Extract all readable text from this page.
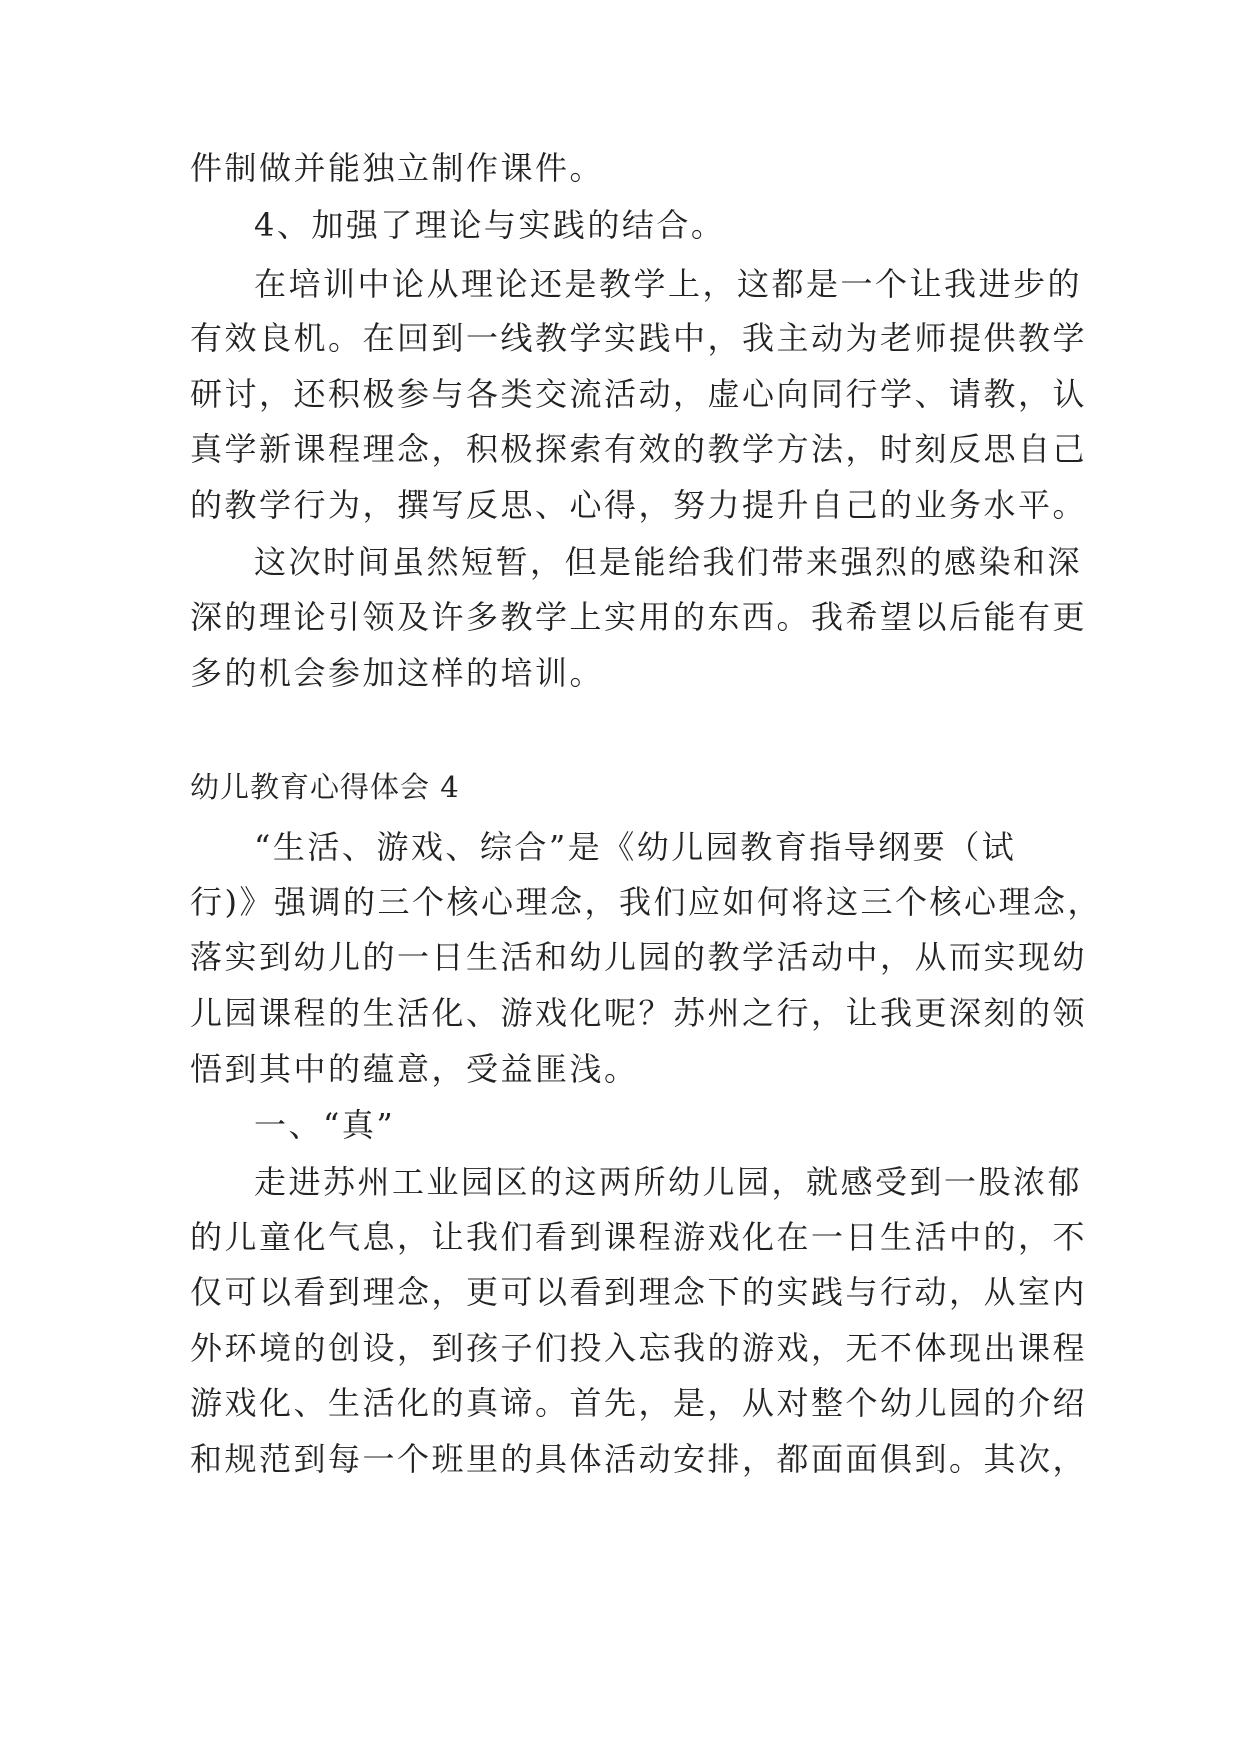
件制做并能独立制作课件。
4、加强了理论与实践的结合。
在培训中论从理论还是教学上，这都是一个让我进步的
有效良机。在回到一线教学实践中，我主动为老师提供教学
研讨，还积极参与各类交流活动，虚心向同行学、请教，认
真学新课程理念，积极探索有效的教学方法，时刻反思自己
的教学行为，撰写反思、心得，努力提升自己的业务水平。
这次时间虽然短暂，但是能给我们带来强烈的感染和深
深的理论引领及许多教学上实用的东西。我希望以后能有更
多的机会参加这样的培训。
幼儿教育心得体会 4
“生活、游戏、综合”是《幼儿园教育指导纲要（试
行)》强调的三个核心理念，我们应如何将这三个核心理念，
落实到幼儿的一日生活和幼儿园的教学活动中，从而实现幼
儿园课程的生活化、游戏化呢？苏州之行，让我更深刻的领
悟到其中的蕴意，受益匪浅。
一、“真”
走进苏州工业园区的这两所幼儿园，就感受到一股浓郁
的儿童化气息，让我们看到课程游戏化在一日生活中的，不
仅可以看到理念，更可以看到理念下的实践与行动，从室内
外环境的创设，到孩子们投入忘我的游戏，无不体现出课程
游戏化、生活化的真谛。首先，是，从对整个幼儿园的介绍
和规范到每一个班里的具体活动安排，都面面俱到。其次，
